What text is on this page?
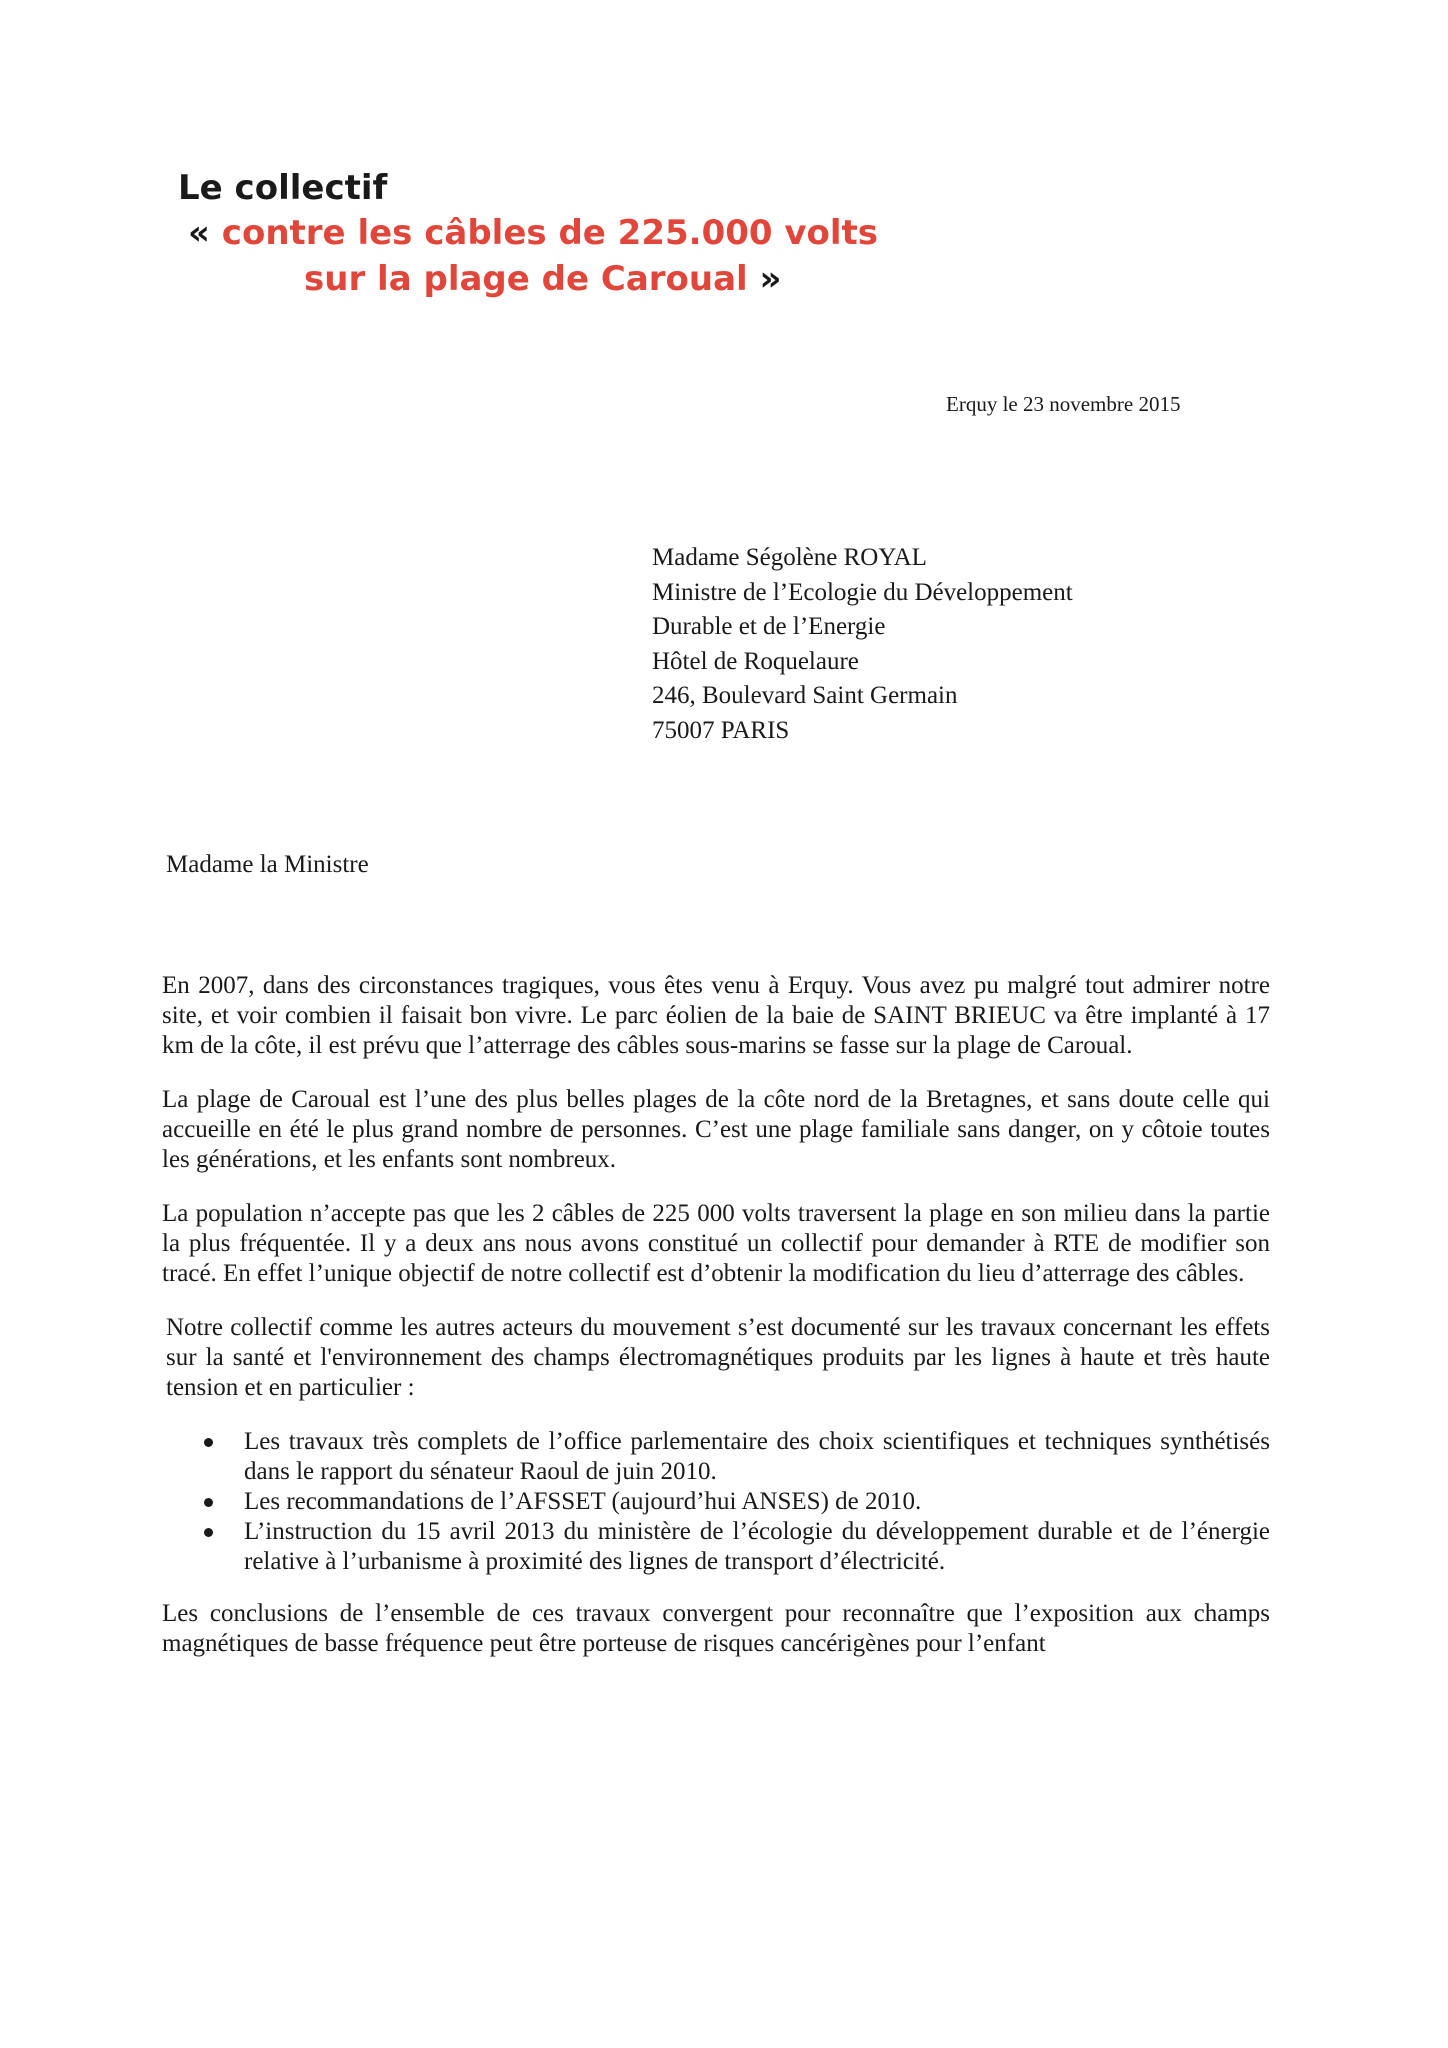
Le collectif
« contre les câbles de 225.000 volts
sur la plage de Caroual »
Erquy le 23 novembre 2015
Madame Ségolène ROYAL
Ministre de l’Ecologie du Développement
Durable et de l’Energie
Hôtel de Roquelaure
246, Boulevard Saint Germain
75007 PARIS
Madame la Ministre

En 2007, dans des circonstances tragiques, vous êtes venu à Erquy. Vous avez pu malgré tout admirer notre site, et voir combien il faisait bon vivre. Le parc éolien de la baie de SAINT BRIEUC va être implanté à 17 km de la côte, il est prévu que l’atterrage des câbles sous-marins se fasse sur la plage de Caroual.

La plage de Caroual est l’une des plus belles plages de la côte nord de la Bretagnes, et sans doute celle qui accueille en été le plus grand nombre de personnes. C’est une plage familiale sans danger, on y côtoie toutes les générations, et les enfants sont nombreux.

La population n’accepte pas que les 2 câbles de 225 000 volts traversent la plage en son milieu dans la partie la plus fréquentée. Il y a deux ans nous avons constitué un collectif pour demander à RTE de modifier son tracé. En effet l’unique objectif de notre collectif est d’obtenir la modification du lieu d’atterrage des câbles.

Notre collectif comme les autres acteurs du mouvement s’est documenté sur les travaux concernant les effets sur la santé et l'environnement des champs électromagnétiques produits par les lignes à haute et très haute tension et en particulier :

Les travaux très complets de l’office parlementaire des choix scientifiques et techniques synthétisés dans le rapport du sénateur Raoul de juin 2010.
Les recommandations de l’AFSSET (aujourd’hui ANSES) de 2010.
L’instruction du 15 avril 2013 du ministère de l’écologie du développement durable et de l’énergie relative à l’urbanisme à proximité des lignes de transport d’électricité.

Les conclusions de l’ensemble de ces travaux convergent pour reconnaître que l’exposition aux champs magnétiques de basse fréquence peut être porteuse de risques cancérigènes pour l’enfant
